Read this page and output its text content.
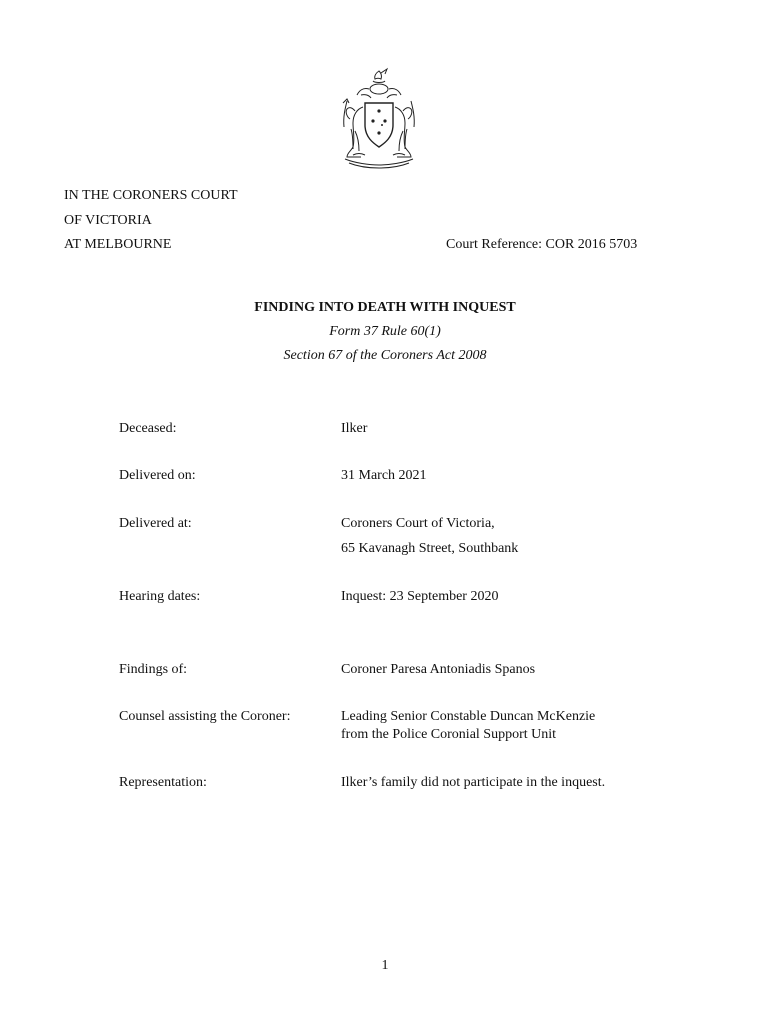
IN THE CORONERS COURT
OF VICTORIA
AT MELBOURNE	Court Reference: COR 2016 5703
FINDING INTO DEATH WITH INQUEST
Form 37 Rule 60(1)
Section 67 of the Coroners Act 2008
Deceased:	Ilker
Delivered on:	31 March 2021
Delivered at:	Coroners Court of Victoria,
65 Kavanagh Street, Southbank
Hearing dates:	Inquest: 23 September 2020
Findings of:	Coroner Paresa Antoniadis Spanos
Counsel assisting the Coroner:	Leading Senior Constable Duncan McKenzie
from the Police Coronial Support Unit
Representation:	Ilker’s family did not participate in the inquest.
1
